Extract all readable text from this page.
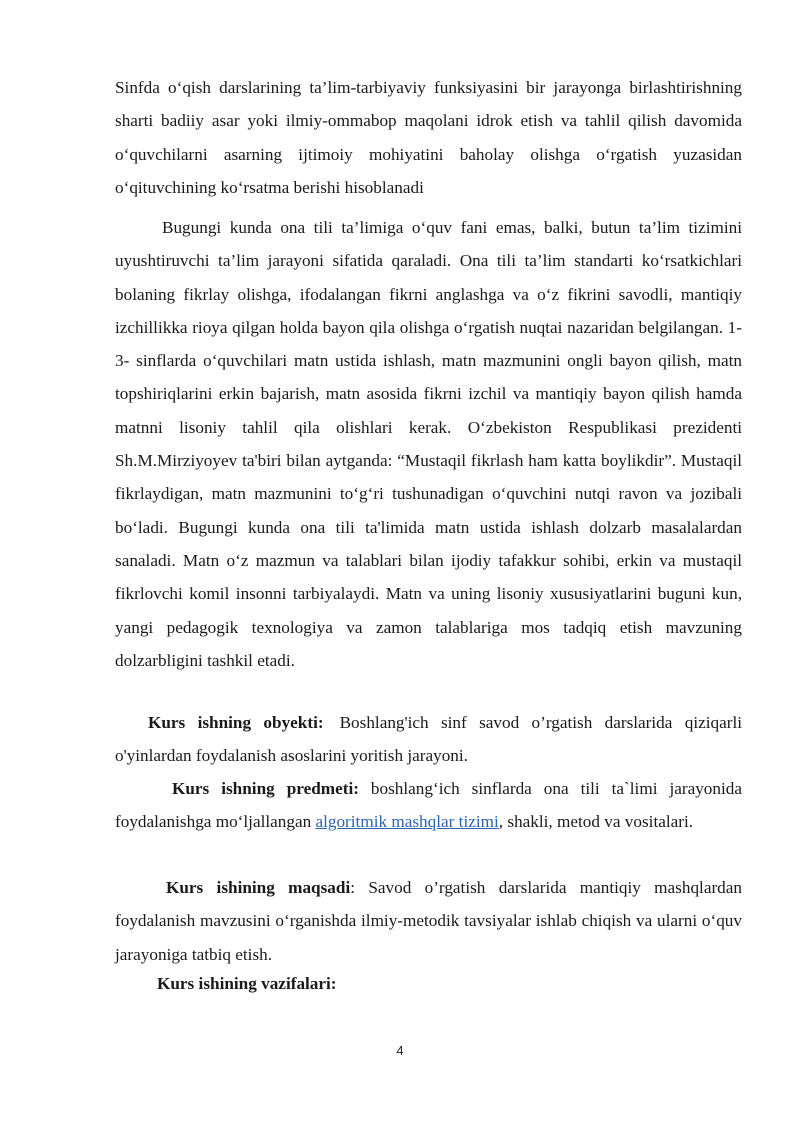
Sinfda o‘qish darslarining ta’lim-tarbiyaviy funksiyasini bir jarayonga birlashtirishning sharti badiiy asar yoki ilmiy-ommabop maqolani idrok etish va tahlil qilish davomida o‘quvchilarni asarning ijtimoiy mohiyatini baholay olishga o‘rgatish yuzasidan o‘qituvchining ko‘rsatma berishi hisoblanadi

Bugungi kunda ona tili ta’limiga o‘quv fani emas, balki, butun ta’lim tizimini uyushtiruvchi ta’lim jarayoni sifatida qaraladi. Ona tili ta’lim standarti ko‘rsatkichlari bolaning fikrlay olishga, ifodalangan fikrni anglashga va o‘z fikrini savodli, mantiqiy izchillikka rioya qilgan holda bayon qila olishga o‘rgatish nuqtai nazaridan belgilangan. 1-3- sinflarda o‘quvchilari matn ustida ishlash, matn mazmunini ongli bayon qilish, matn topshiriqlarini erkin bajarish, matn asosida fikrni izchil va mantiqiy bayon qilish hamda matnni lisoniy tahlil qila olishlari kerak. O‘zbekiston Respublikasi prezidenti Sh.M.Mirziyoyev ta'biri bilan aytganda: “Mustaqil fikrlash ham katta boylikdir”. Mustaqil fikrlaydigan, matn mazmunini to‘g‘ri tushunadigan o‘quvchini nutqi ravon va jozibali bo‘ladi. Bugungi kunda ona tili ta'limida matn ustida ishlash dolzarb masalalardan sanaladi. Matn o‘z mazmun va talablari bilan ijodiy tafakkur sohibi, erkin va mustaqil fikrlovchi komil insonni tarbiyalaydi. Matn va uning lisoniy xususiyatlarini buguni kun, yangi pedagogik texnologiya va zamon talablariga mos tadqiq etish mavzuning dolzarbligini tashkil etadi.

Kurs ishning obyekti: Boshlang'ich sinf savod o’rgatish darslarida qiziqarli o'yinlardan foydalanish asoslarini yoritish jarayoni.

Kurs ishning predmeti: boshlang‘ich sinflarda ona tili ta`limi jarayonida foydalanishga mo‘ljallangan algoritmik mashqlar tizimi, shakli, metod va vositalari.

Kurs ishining maqsadi: Savod o’rgatish darslarida mantiqiy mashqlardan foydalanish mavzusini o‘rganishda ilmiy-metodik tavsiyalar ishlab chiqish va ularni o‘quv jarayoniga tatbiq etish.

Kurs ishining vazifalari:

4
